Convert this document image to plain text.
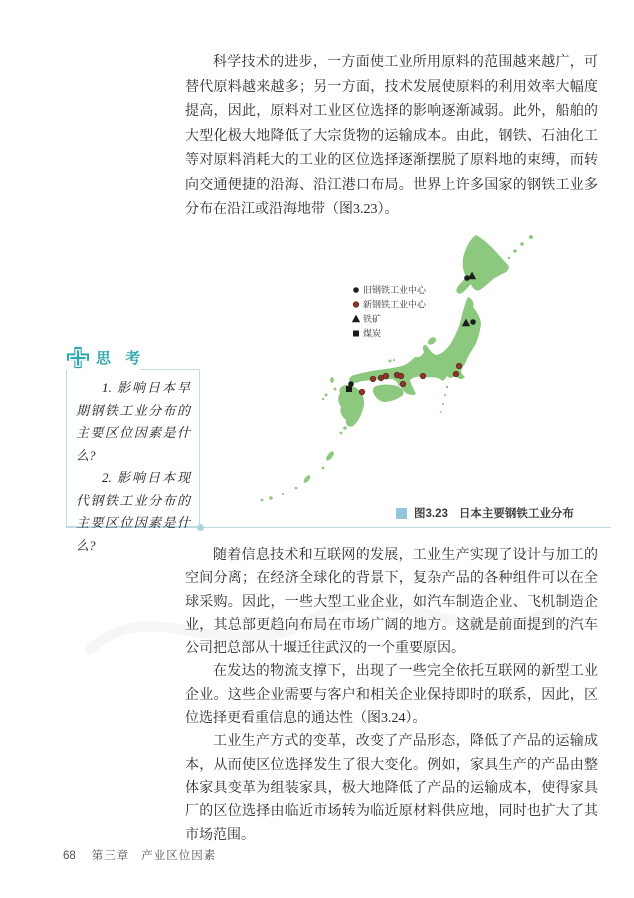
科学技术的进步，一方面使工业所用原料的范围越来越广，可替代原料越来越多；另一方面，技术发展使原料的利用效率大幅度提高，因此，原料对工业区位选择的影响逐渐减弱。此外，船舶的大型化极大地降低了大宗货物的运输成本。由此，钢铁、石油化工等对原料消耗大的工业的区位选择逐渐摆脱了原料地的束缚，而转向交通便捷的沿海、沿江港口布局。世界上许多国家的钢铁工业多分布在沿江或沿海地带（图3.23）。

旧钢铁工业中心
新钢铁工业中心
铁矿
煤炭
图3.23 日本主要钢铁工业分布
思 考

1. 影响日本早期钢铁工业分布的主要区位因素是什么?

2. 影响日本现代钢铁工业分布的主要区位因素是什么?

随着信息技术和互联网的发展，工业生产实现了设计与加工的空间分离；在经济全球化的背景下，复杂产品的各种组件可以在全球采购。因此，一些大型工业企业，如汽车制造企业、飞机制造企业，其总部更趋向布局在市场广阔的地方。这就是前面提到的汽车公司把总部从十堰迁往武汉的一个重要原因。

在发达的物流支撑下，出现了一些完全依托互联网的新型工业企业。这些企业需要与客户和相关企业保持即时的联系，因此，区位选择更看重信息的通达性（图3.24）。

工业生产方式的变革，改变了产品形态，降低了产品的运输成本，从而使区位选择发生了很大变化。例如，家具生产的产品由整体家具变革为组装家具，极大地降低了产品的运输成本，使得家具厂的区位选择由临近市场转为临近原材料供应地，同时也扩大了其市场范围。

68 第三章 产业区位因素
